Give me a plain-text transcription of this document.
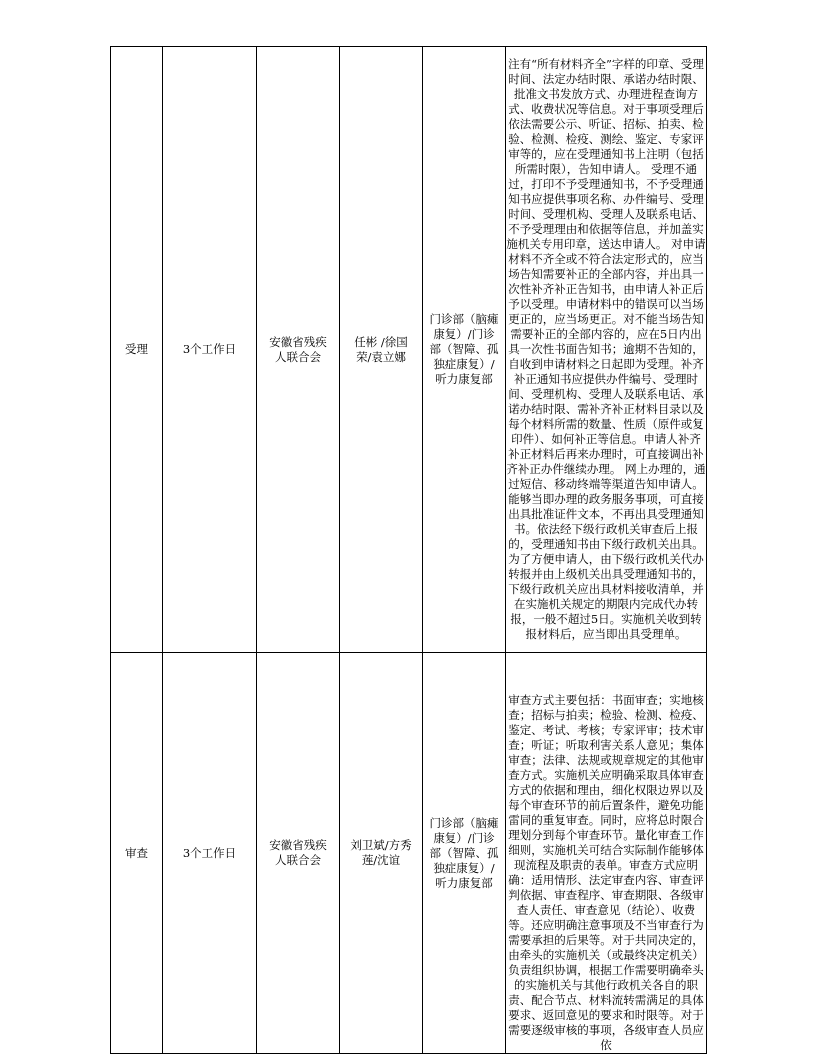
受理	3个工作日	安徽省残疾人联合会	任彬 /徐国荣/袁立娜	门诊部（脑瘫康复）/门诊部（智障、孤独症康复）/听力康复部	注有“所有材料齐全”字样的印章、受理时间、法定办结时限、承诺办结时限、批准文书发放方式、办理进程查询方式、收费状况等信息。对于事项受理后依法需要公示、听证、招标、拍卖、检验、检测、检疫、测绘、鉴定、专家评审等的，应在受理通知书上注明（包括所需时限），告知申请人。 受理不通过，打印不予受理通知书，不予受理通知书应提供事项名称、办件编号、受理时间、受理机构、受理人及联系电话、不予受理理由和依据等信息，并加盖实施机关专用印章，送达申请人。 对申请材料不齐全或不符合法定形式的，应当场告知需要补正的全部内容，并出具一次性补齐补正告知书，由申请人补正后予以受理。申请材料中的错误可以当场更正的，应当场更正。对不能当场告知需要补正的全部内容的，应在5日内出具一次性书面告知书；逾期不告知的，自收到申请材料之日起即为受理。补齐补正通知书应提供办件编号、受理时间、受理机构、受理人及联系电话、承诺办结时限、需补齐补正材料目录以及每个材料所需的数量、性质（原件或复印件）、如何补正等信息。申请人补齐补正材料后再来办理时，可直接调出补齐补正办件继续办理。 网上办理的，通过短信、移动终端等渠道告知申请人。 能够当即办理的政务服务事项，可直接出具批准证件文本，不再出具受理通知书。依法经下级行政机关审查后上报的，受理通知书由下级行政机关出具。为了方便申请人，由下级行政机关代办转报并由上级机关出具受理通知书的，下级行政机关应出具材料接收清单，并在实施机关规定的期限内完成代办转报，一般不超过5日。实施机关收到转报材料后，应当即出具受理单。
审查	3个工作日	安徽省残疾人联合会	刘卫斌/方秀莲/沈谊	门诊部（脑瘫康复）/门诊部（智障、孤独症康复）/听力康复部	审查方式主要包括：书面审查；实地核查；招标与拍卖；检验、检测、检疫、鉴定、考试、考核；专家评审；技术审查；听证；听取利害关系人意见；集体审查；法律、法规或规章规定的其他审查方式。实施机关应明确采取具体审查方式的依据和理由，细化权限边界以及每个审查环节的前后置条件，避免功能雷同的重复审查。同时，应将总时限合理划分到每个审查环节。量化审查工作细则，实施机关可结合实际制作能够体现流程及职责的表单。审查方式应明确：适用情形、法定审查内容、审查评判依据、审查程序、审查期限、各级审查人责任、审查意见（结论）、收费等。还应明确注意事项及不当审查行为需要承担的后果等。对于共同决定的，由牵头的实施机关（或最终决定机关）负责组织协调，根据工作需要明确牵头的实施机关与其他行政机关各自的职责、配合节点、材料流转需满足的具体要求、返回意见的要求和时限等。对于需要逐级审核的事项，各级审查人员应依
